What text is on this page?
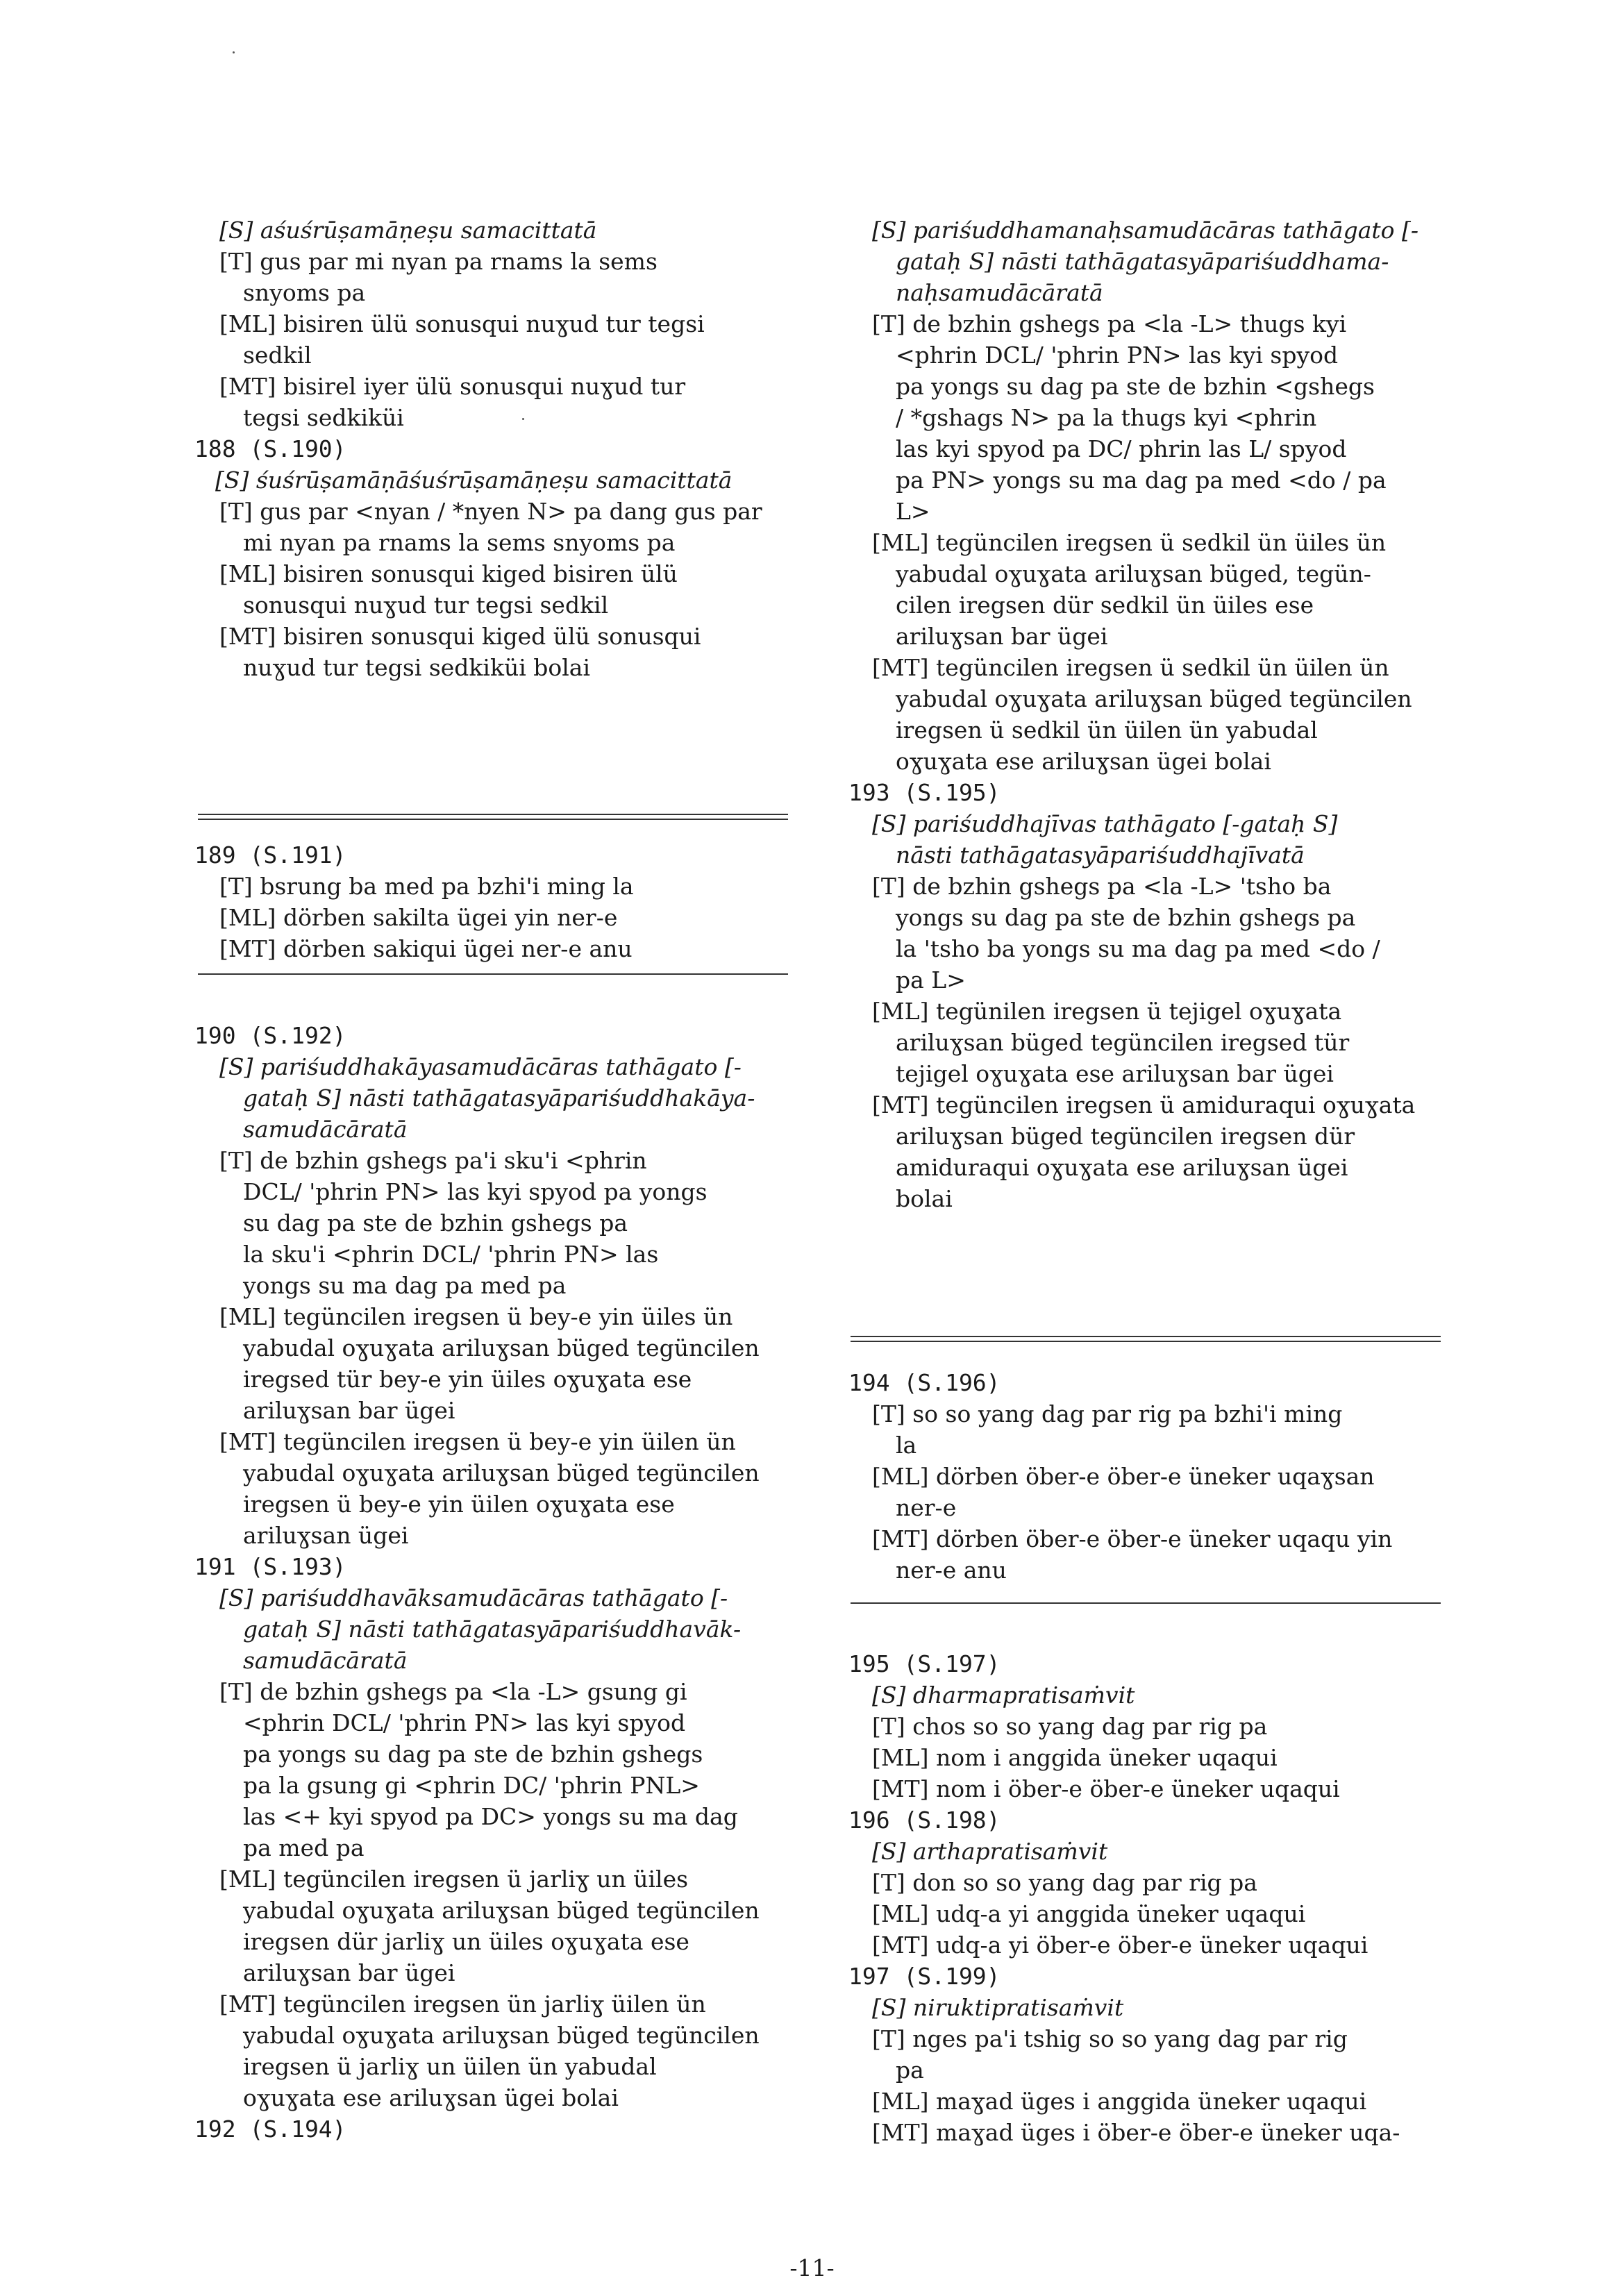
[S] aśuśrūṣamāṇeṣu samacittatā
[T] gus par mi nyan pa rnams la sems
snyoms pa
[ML] bisiren ülü sonusqui nuɣud tur tegsi
sedkil
[MT] bisirel iyer ülü sonusqui nuɣud tur
tegsi sedkiküi
188 (S.190)
[S] śuśrūṣamāṇāśuśrūṣamāṇeṣu samacittatā
[T] gus par <nyan / *nyen N> pa dang gus par
mi nyan pa rnams la sems snyoms pa
[ML] bisiren sonusqui kiged bisiren ülü
sonusqui nuɣud tur tegsi sedkil
[MT] bisiren sonusqui kiged ülü sonusqui
nuɣud tur tegsi sedkiküi bolai
189 (S.191)
[T] bsrung ba med pa bzhi'i ming la
[ML] dörben sakilta ügei yin ner-e
[MT] dörben sakiqui ügei ner-e anu
190 (S.192)
[S] pariśuddhakāyasamudācāras tathāgato [-
gataḥ S] nāsti tathāgatasyāpariśuddhakāya-
samudācāratā
[T] de bzhin gshegs pa'i sku'i <phrin
DCL/ 'phrin PN> las kyi spyod pa yongs
su dag pa ste de bzhin gshegs pa
la sku'i <phrin DCL/ 'phrin PN> las
yongs su ma dag pa med pa
[ML] tegüncilen iregsen ü bey-e yin üiles ün
yabudal oɣuɣata ariluɣsan büged tegüncilen
iregsed tür bey-e yin üiles oɣuɣata ese
ariluɣsan bar ügei
[MT] tegüncilen iregsen ü bey-e yin üilen ün
yabudal oɣuɣata ariluɣsan büged tegüncilen
iregsen ü bey-e yin üilen oɣuɣata ese
ariluɣsan ügei
191 (S.193)
[S] pariśuddhavāksamudācāras tathāgato [-
gataḥ S] nāsti tathāgatasyāpariśuddhavāk-
samudācāratā
[T] de bzhin gshegs pa <la -L> gsung gi
<phrin DCL/ 'phrin PN> las kyi spyod
pa yongs su dag pa ste de bzhin gshegs
pa la gsung gi <phrin DC/ 'phrin PNL>
las <+ kyi spyod pa DC> yongs su ma dag
pa med pa
[ML] tegüncilen iregsen ü jarliɣ un üiles
yabudal oɣuɣata ariluɣsan büged tegüncilen
iregsen dür jarliɣ un üiles oɣuɣata ese
ariluɣsan bar ügei
[MT] tegüncilen iregsen ün jarliɣ üilen ün
yabudal oɣuɣata ariluɣsan büged tegüncilen
iregsen ü jarliɣ un üilen ün yabudal
oɣuɣata ese ariluɣsan ügei bolai
192 (S.194)
[S] pariśuddhamanaḥsamudācāras tathāgato [-
gataḥ S] nāsti tathāgatasyāpariśuddhama-
naḥsamudācāratā
[T] de bzhin gshegs pa <la -L> thugs kyi
<phrin DCL/ 'phrin PN> las kyi spyod
pa yongs su dag pa ste de bzhin <gshegs
/ *gshags N> pa la thugs kyi <phrin
las kyi spyod pa DC/ phrin las L/ spyod
pa PN> yongs su ma dag pa med <do / pa
L>
[ML] tegüncilen iregsen ü sedkil ün üiles ün
yabudal oɣuɣata ariluɣsan büged, tegün-
cilen iregsen dür sedkil ün üiles ese
ariluɣsan bar ügei
[MT] tegüncilen iregsen ü sedkil ün üilen ün
yabudal oɣuɣata ariluɣsan büged tegüncilen
iregsen ü sedkil ün üilen ün yabudal
oɣuɣata ese ariluɣsan ügei bolai
193 (S.195)
[S] pariśuddhajīvas tathāgato [-gataḥ S]
nāsti tathāgatasyāpariśuddhajīvatā
[T] de bzhin gshegs pa <la -L> 'tsho ba
yongs su dag pa ste de bzhin gshegs pa
la 'tsho ba yongs su ma dag pa med <do /
pa L>
[ML] tegünilen iregsen ü tejigel oɣuɣata
ariluɣsan büged tegüncilen iregsed tür
tejigel oɣuɣata ese ariluɣsan bar ügei
[MT] tegüncilen iregsen ü amiduraqui oɣuɣata
ariluɣsan büged tegüncilen iregsen dür
amiduraqui oɣuɣata ese ariluɣsan ügei
bolai
194 (S.196)
[T] so so yang dag par rig pa bzhi'i ming
la
[ML] dörben öber-e öber-e üneker uqaɣsan
ner-e
[MT] dörben öber-e öber-e üneker uqaqu yin
ner-e anu
195 (S.197)
[S] dharmapratisaṁvit
[T] chos so so yang dag par rig pa
[ML] nom i anggida üneker uqaqui
[MT] nom i öber-e öber-e üneker uqaqui
196 (S.198)
[S] arthapratisaṁvit
[T] don so so yang dag par rig pa
[ML] udq-a yi anggida üneker uqaqui
[MT] udq-a yi öber-e öber-e üneker uqaqui
197 (S.199)
[S] niruktipratisaṁvit
[T] nges pa'i tshig so so yang dag par rig
pa
[ML] maɣad üges i anggida üneker uqaqui
[MT] maɣad üges i öber-e öber-e üneker uqa-
-11-
